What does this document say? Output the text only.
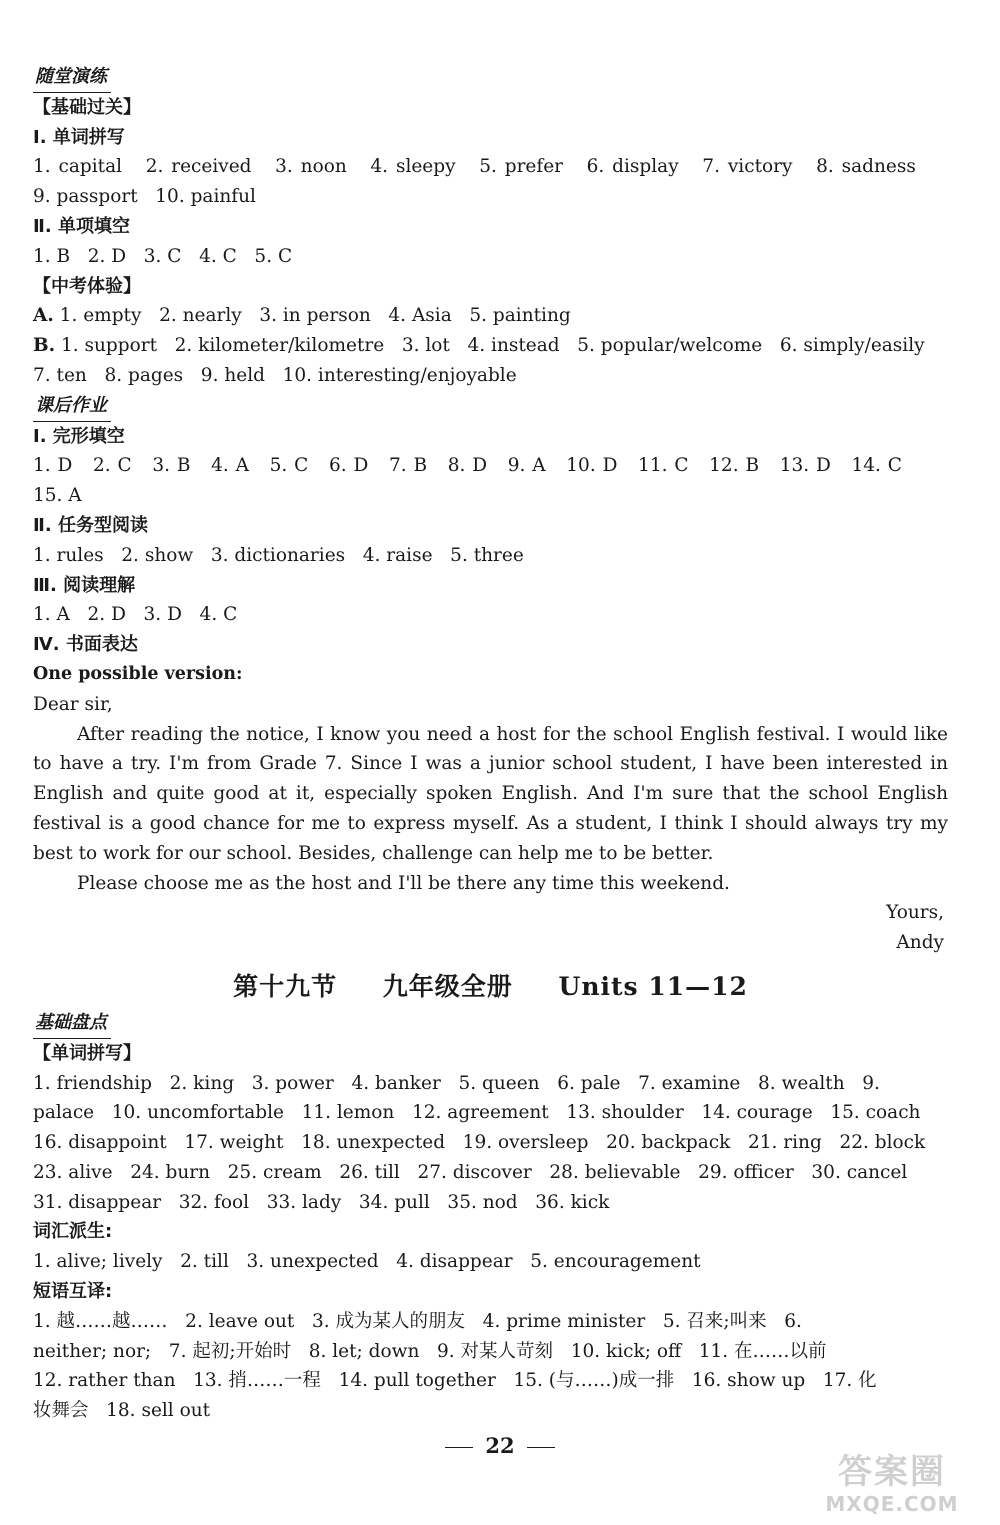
随堂演练
【基础过关】
Ⅰ. 单词拼写
1. capital   2. received   3. noon   4. sleepy   5. prefer   6. display   7. victory   8. sadness
9. passport   10. painful
Ⅱ. 单项填空
1. B   2. D   3. C   4. C   5. C
【中考体验】
A. 1. empty   2. nearly   3. in person   4. Asia   5. painting
B. 1. support   2. kilometer/kilometre   3. lot   4. instead   5. popular/welcome   6. simply/easily
7. ten   8. pages   9. held   10. interesting/enjoyable
课后作业
Ⅰ. 完形填空
1. D   2. C   3. B   4. A   5. C   6. D   7. B   8. D   9. A   10. D   11. C   12. B   13. D   14. C
15. A
Ⅱ. 任务型阅读
1. rules   2. show   3. dictionaries   4. raise   5. three
Ⅲ. 阅读理解
1. A   2. D   3. D   4. C
Ⅳ. 书面表达
One possible version:
Dear sir,

After reading the notice, I know you need a host for the school English festival. I would like to have a try. I'm from Grade 7. Since I was a junior school student, I have been interested in English and quite good at it, especially spoken English. And I'm sure that the school English festival is a good chance for me to express myself. As a student, I think I should always try my best to work for our school. Besides, challenge can help me to be better.

Please choose me as the host and I'll be there any time this weekend.

Yours,
Andy
第十九节 九年级全册 Units 11—12
基础盘点
【单词拼写】
1. friendship   2. king   3. power   4. banker   5. queen   6. pale   7. examine   8. wealth   9.
palace   10. uncomfortable   11. lemon   12. agreement   13. shoulder   14. courage   15. coach
16. disappoint   17. weight   18. unexpected   19. oversleep   20. backpack   21. ring   22. block
23. alive   24. burn   25. cream   26. till   27. discover   28. believable   29. officer   30. cancel
31. disappear   32. fool   33. lady   34. pull   35. nod   36. kick
词汇派生:
1. alive; lively   2. till   3. unexpected   4. disappear   5. encouragement
短语互译:
1. 越……越……   2. leave out   3. 成为某人的朋友   4. prime minister   5. 召来;叫来   6.
neither; nor;   7. 起初;开始时   8. let; down   9. 对某人苛刻   10. kick; off   11. 在……以前
12. rather than   13. 捎……一程   14. pull together   15. (与……)成一排   16. show up   17. 化
妆舞会   18. sell out
22
答案圈
MXQE.COM
